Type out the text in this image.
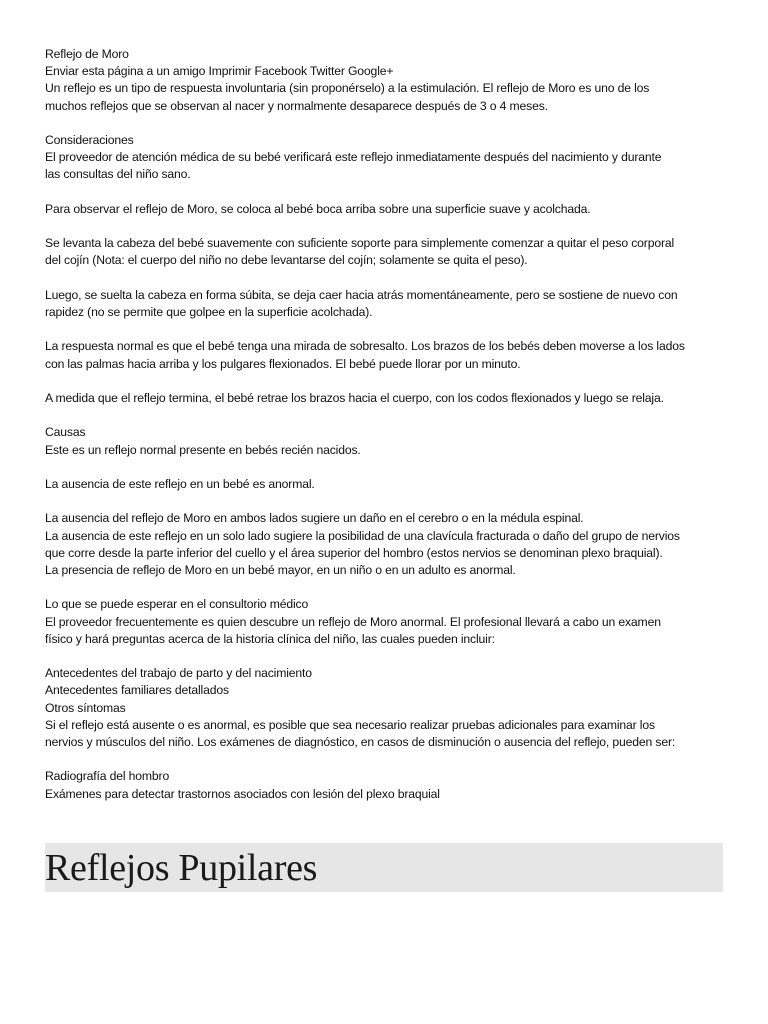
Reflejo de Moro
Enviar esta página a un amigo Imprimir Facebook Twitter Google+
Un reflejo es un tipo de respuesta involuntaria (sin proponérselo) a la estimulación. El reflejo de Moro es uno de los
muchos reflejos que se observan al nacer y normalmente desaparece después de 3 o 4 meses.
Consideraciones
El proveedor de atención médica de su bebé verificará este reflejo inmediatamente después del nacimiento y durante
las consultas del niño sano.
Para observar el reflejo de Moro, se coloca al bebé boca arriba sobre una superficie suave y acolchada.
Se levanta la cabeza del bebé suavemente con suficiente soporte para simplemente comenzar a quitar el peso corporal
del cojín (Nota: el cuerpo del niño no debe levantarse del cojín; solamente se quita el peso).
Luego, se suelta la cabeza en forma súbita, se deja caer hacia atrás momentáneamente, pero se sostiene de nuevo con
rapidez (no se permite que golpee en la superficie acolchada).
La respuesta normal es que el bebé tenga una mirada de sobresalto. Los brazos de los bebés deben moverse a los lados
con las palmas hacia arriba y los pulgares flexionados. El bebé puede llorar por un minuto.
A medida que el reflejo termina, el bebé retrae los brazos hacia el cuerpo, con los codos flexionados y luego se relaja.
Causas
Este es un reflejo normal presente en bebés recién nacidos.
La ausencia de este reflejo en un bebé es anormal.
La ausencia del reflejo de Moro en ambos lados sugiere un daño en el cerebro o en la médula espinal.
La ausencia de este reflejo en un solo lado sugiere la posibilidad de una clavícula fracturada o daño del grupo de nervios
que corre desde la parte inferior del cuello y el área superior del hombro (estos nervios se denominan plexo braquial).
La presencia de reflejo de Moro en un bebé mayor, en un niño o en un adulto es anormal.
Lo que se puede esperar en el consultorio médico
El proveedor frecuentemente es quien descubre un reflejo de Moro anormal. El profesional llevará a cabo un examen
físico y hará preguntas acerca de la historia clínica del niño, las cuales pueden incluir:
Antecedentes del trabajo de parto y del nacimiento
Antecedentes familiares detallados
Otros síntomas
Si el reflejo está ausente o es anormal, es posible que sea necesario realizar pruebas adicionales para examinar los
nervios y músculos del niño. Los exámenes de diagnóstico, en casos de disminución o ausencia del reflejo, pueden ser:
Radiografía del hombro
Exámenes para detectar trastornos asociados con lesión del plexo braquial
Reflejos Pupilares
